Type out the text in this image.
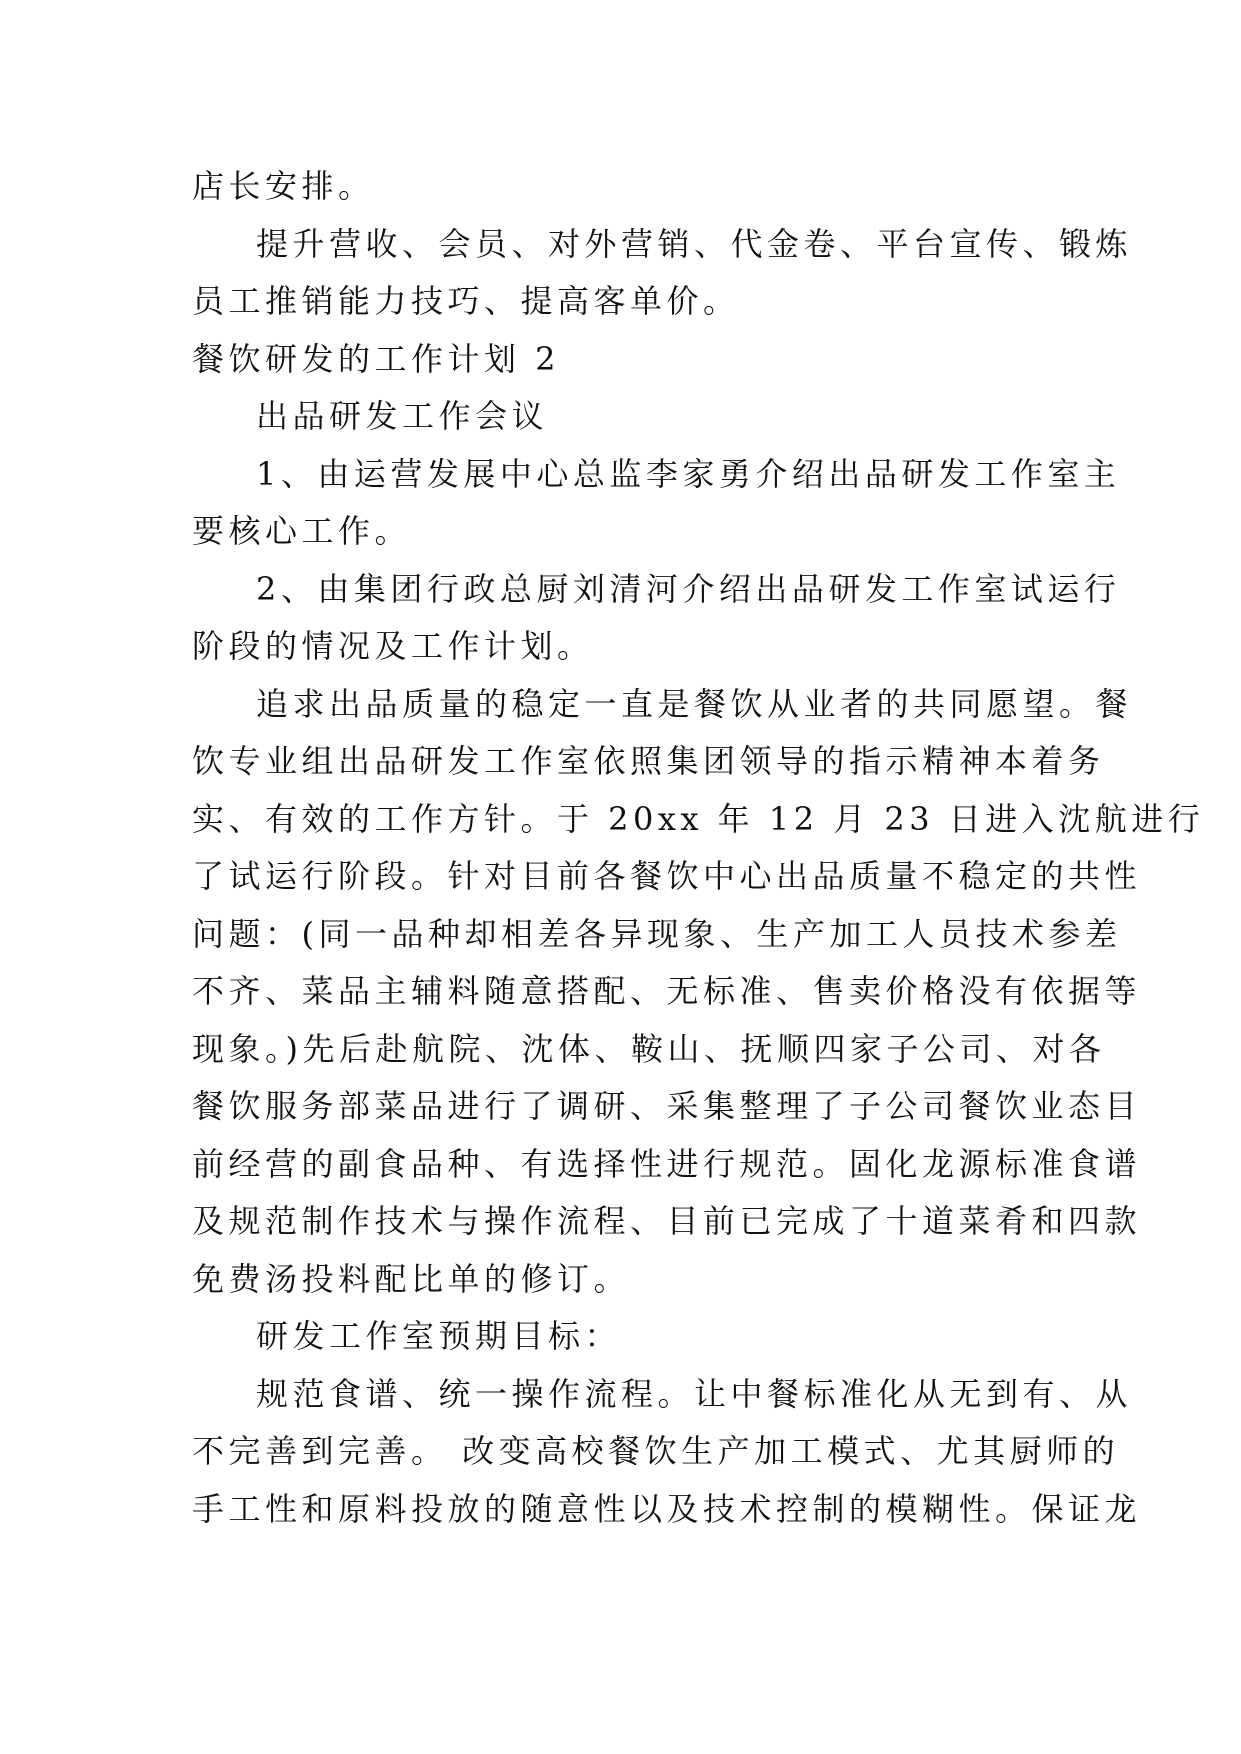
店长安排。

提升营收、会员、对外营销、代金卷、平台宣传、锻炼

员工推销能力技巧、提高客单价。

餐饮研发的工作计划 2

出品研发工作会议

1、由运营发展中心总监李家勇介绍出品研发工作室主

要核心工作。

2、由集团行政总厨刘清河介绍出品研发工作室试运行

阶段的情况及工作计划。

追求出品质量的稳定一直是餐饮从业者的共同愿望。餐

饮专业组出品研发工作室依照集团领导的指示精神本着务

实、有效的工作方针。于 20xx 年 12 月 23 日进入沈航进行

了试运行阶段。针对目前各餐饮中心出品质量不稳定的共性

问题：(同一品种却相差各异现象、生产加工人员技术参差

不齐、菜品主辅料随意搭配、无标准、售卖价格没有依据等

现象。)先后赴航院、沈体、鞍山、抚顺四家子公司、对各

餐饮服务部菜品进行了调研、采集整理了子公司餐饮业态目

前经营的副食品种、有选择性进行规范。固化龙源标准食谱

及规范制作技术与操作流程、目前已完成了十道菜肴和四款

免费汤投料配比单的修订。

研发工作室预期目标：

规范食谱、统一操作流程。让中餐标准化从无到有、从

不完善到完善。 改变高校餐饮生产加工模式、尤其厨师的

手工性和原料投放的随意性以及技术控制的模糊性。保证龙
